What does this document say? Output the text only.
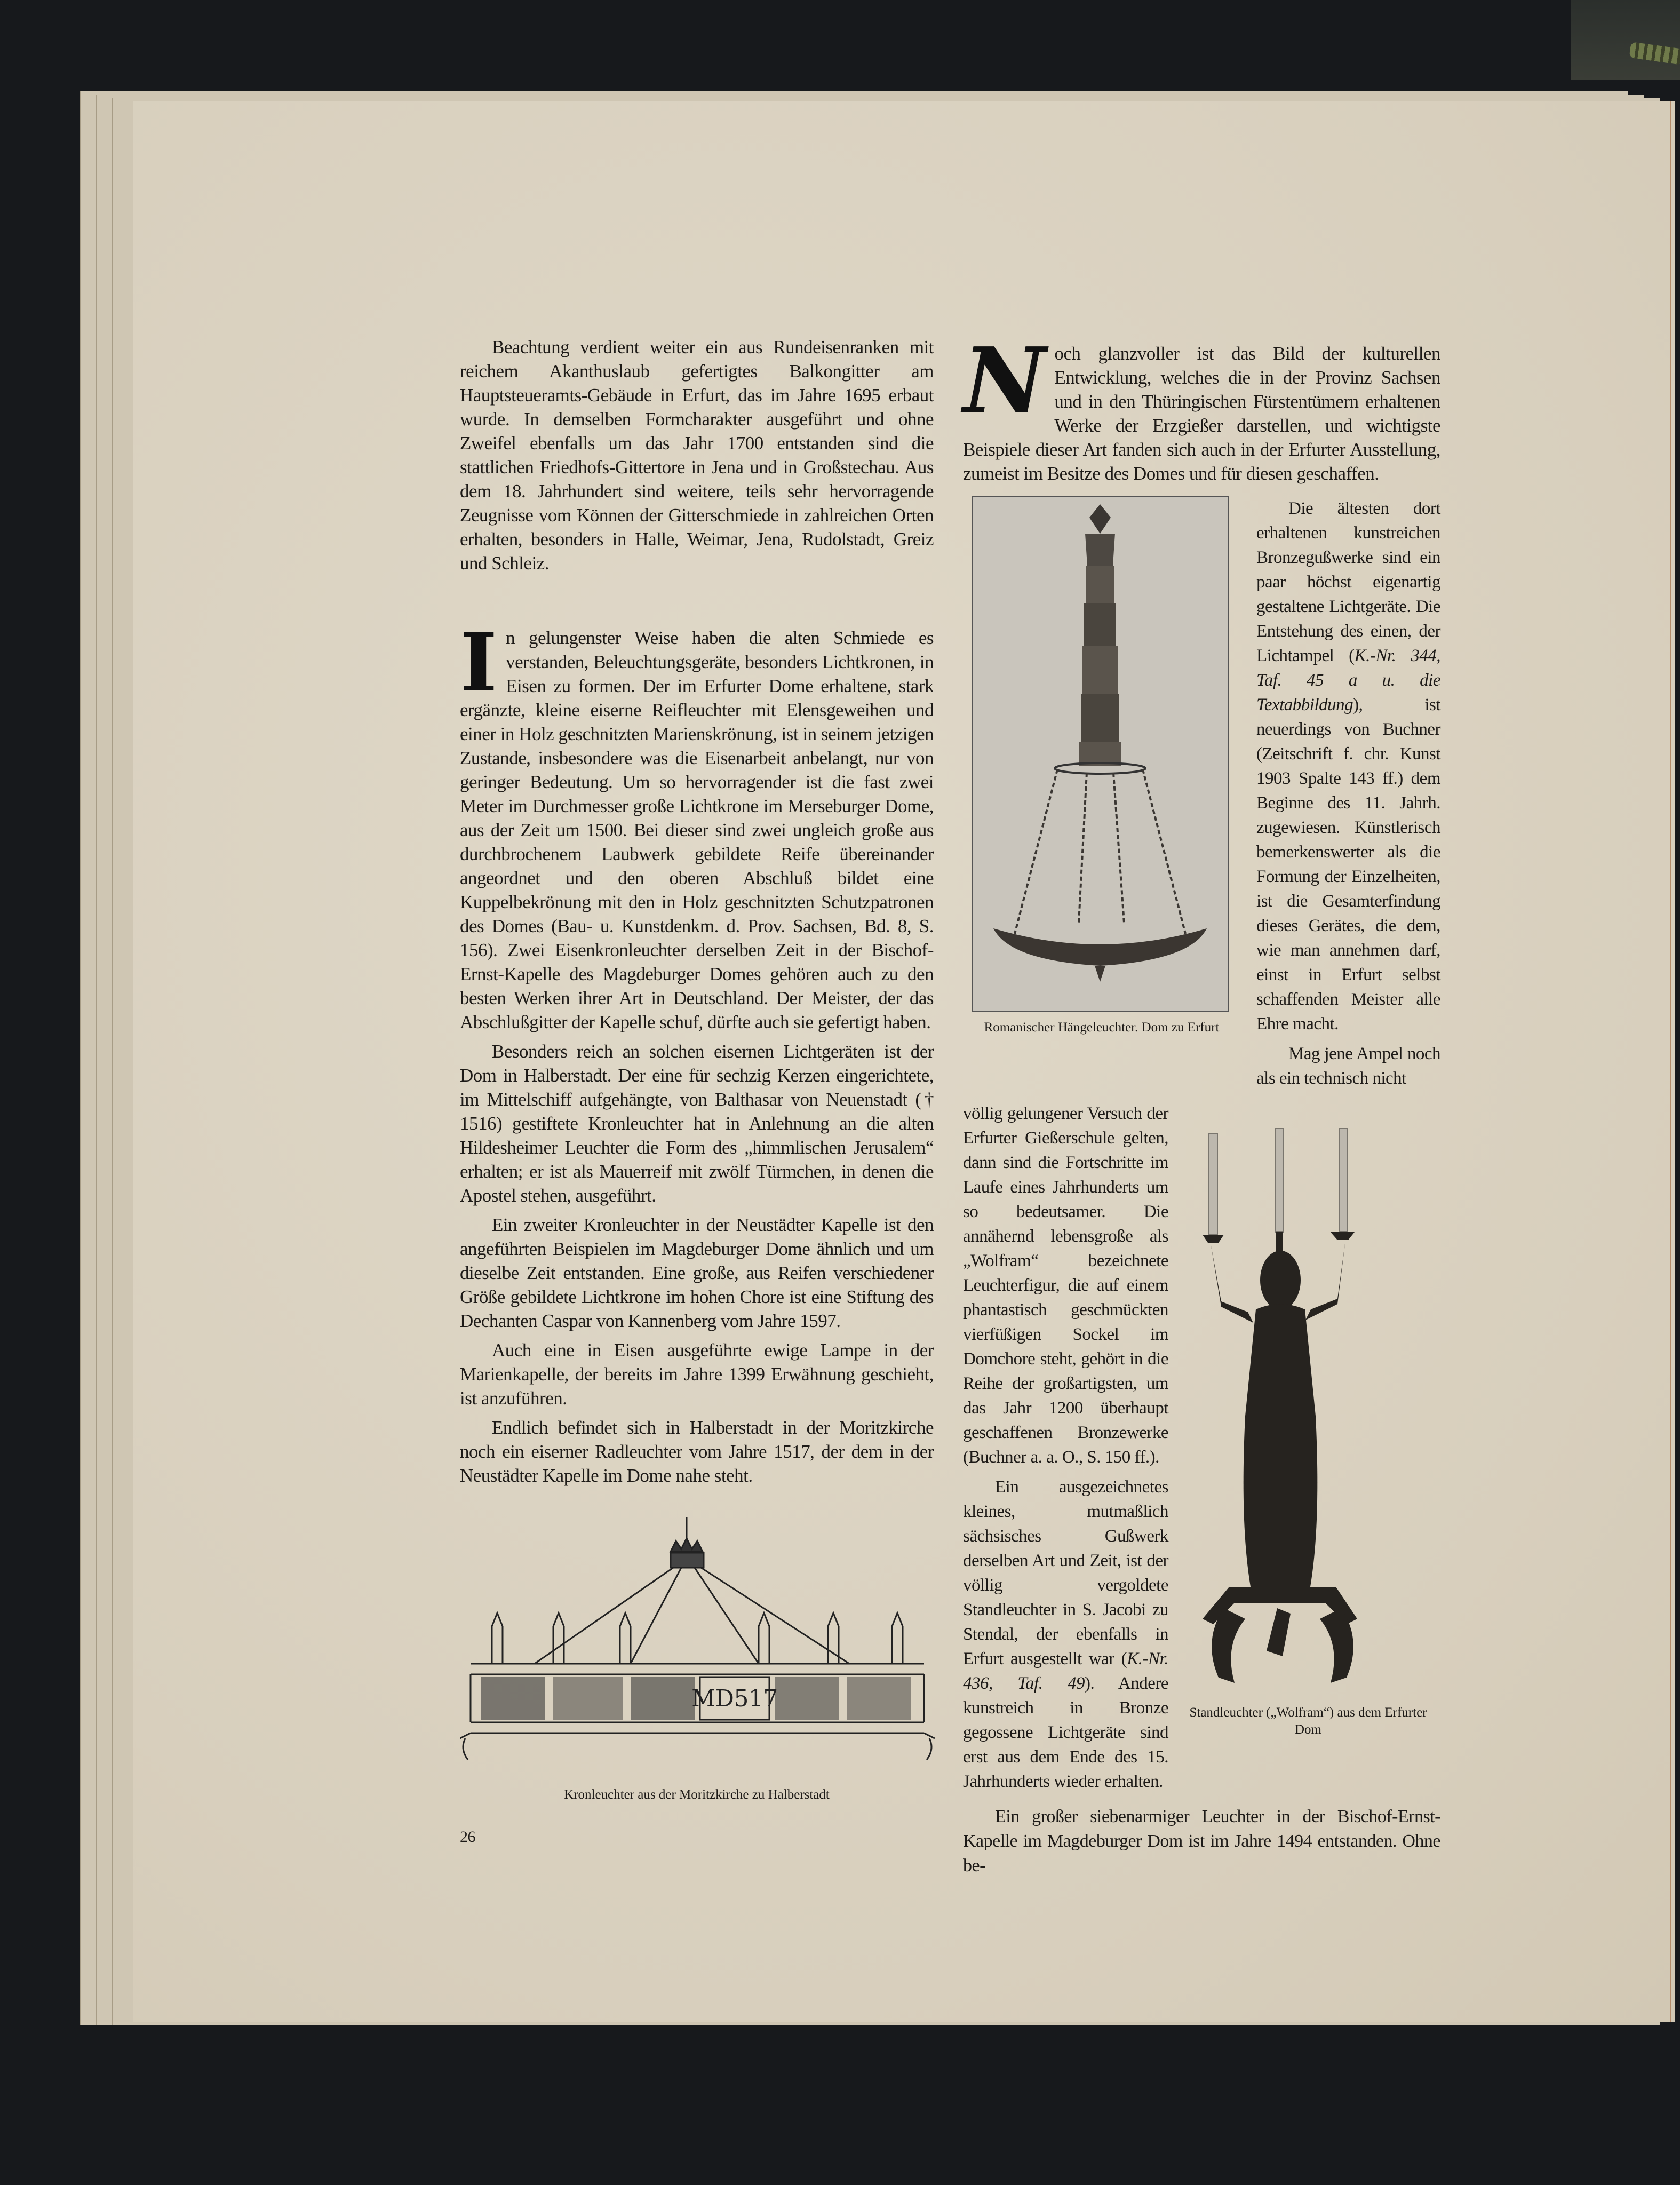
Beachtung verdient weiter ein aus Rundeisenranken mit reichem Akanthuslaub gefertigtes Balkongitter am Hauptsteueramts-Gebäude in Erfurt, das im Jahre 1695 erbaut wurde. In demselben Formcharakter ausgeführt und ohne Zweifel ebenfalls um das Jahr 1700 entstanden sind die stattlichen Friedhofs-Gittertore in Jena und in Großstechau. Aus dem 18. Jahrhundert sind weitere, teils sehr hervorragende Zeugnisse vom Können der Gitterschmiede in zahlreichen Orten erhalten, besonders in Halle, Weimar, Jena, Rudolstadt, Greiz und Schleiz.

In gelungenster Weise haben die alten Schmiede es verstanden, Beleuchtungsgeräte, besonders Lichtkronen, in Eisen zu formen. Der im Erfurter Dome erhaltene, stark ergänzte, kleine eiserne Reifleuchter mit Elensgeweihen und einer in Holz geschnitzten Marienskrönung, ist in seinem jetzigen Zustande, insbesondere was die Eisenarbeit anbelangt, nur von geringer Bedeutung. Um so hervorragender ist die fast zwei Meter im Durchmesser große Lichtkrone im Merseburger Dome, aus der Zeit um 1500. Bei dieser sind zwei ungleich große aus durchbrochenem Laubwerk gebildete Reife übereinander angeordnet und den oberen Abschluß bildet eine Kuppelbekrönung mit den in Holz geschnitzten Schutzpatronen des Domes (Bau- u. Kunstdenkm. d. Prov. Sachsen, Bd. 8, S. 156). Zwei Eisenkronleuchter derselben Zeit in der Bischof-Ernst-Kapelle des Magdeburger Domes gehören auch zu den besten Werken ihrer Art in Deutschland. Der Meister, der das Abschlußgitter der Kapelle schuf, dürfte auch sie gefertigt haben.

Besonders reich an solchen eisernen Lichtgeräten ist der Dom in Halberstadt. Der eine für sechzig Kerzen eingerichtete, im Mittelschiff aufgehängte, von Balthasar von Neuenstadt († 1516) gestiftete Kronleuchter hat in Anlehnung an die alten Hildesheimer Leuchter die Form des „himmlischen Jerusalem“ erhalten; er ist als Mauerreif mit zwölf Türmchen, in denen die Apostel stehen, ausgeführt.

Ein zweiter Kronleuchter in der Neustädter Kapelle ist den angeführten Beispielen im Magdeburger Dome ähnlich und um dieselbe Zeit entstanden. Eine große, aus Reifen verschiedener Größe gebildete Lichtkrone im hohen Chore ist eine Stiftung des Dechanten Caspar von Kannenberg vom Jahre 1597.

Auch eine in Eisen ausgeführte ewige Lampe in der Marienkapelle, der bereits im Jahre 1399 Erwähnung geschieht, ist anzuführen.

Endlich befindet sich in Halberstadt in der Moritzkirche noch ein eiserner Radleuchter vom Jahre 1517, der dem in der Neustädter Kapelle im Dome nahe steht.

MD517
Kronleuchter aus der Moritzkirche zu Halberstadt
26

Noch glanzvoller ist das Bild der kulturellen Entwicklung, welches die in der Provinz Sachsen und in den Thüringischen Fürstentümern erhaltenen Werke der Erzgießer darstellen, und wichtigste Beispiele dieser Art fanden sich auch in der Erfurter Ausstellung, zumeist im Besitze des Domes und für diesen geschaffen.

Romanischer Hängeleuchter. Dom zu Erfurt

Die ältesten dort erhaltenen kunstreichen Bronzegußwerke sind ein paar höchst eigenartig gestaltene Lichtgeräte. Die Entstehung des einen, der Lichtampel (K.-Nr. 344, Taf. 45 a u. die Textabbildung), ist neuerdings von Buchner (Zeitschrift f. chr. Kunst 1903 Spalte 143 ff.) dem Beginne des 11. Jahrh. zugewiesen. Künstlerisch bemerkenswerter als die Formung der Einzelheiten, ist die Gesamterfindung dieses Gerätes, die dem, wie man annehmen darf, einst in Erfurt selbst schaffenden Meister alle Ehre macht.

Mag jene Ampel noch als ein technisch nicht

völlig gelungener Versuch der Erfurter Gießerschule gelten, dann sind die Fortschritte im Laufe eines Jahrhunderts um so bedeutsamer. Die annähernd lebensgroße als „Wolfram“ bezeichnete Leuchterfigur, die auf einem phantastisch geschmückten vierfüßigen Sockel im Domchore steht, gehört in die Reihe der großartigsten, um das Jahr 1200 überhaupt geschaffenen Bronzewerke (Buchner a. a. O., S. 150 ff.).

Ein ausgezeichnetes kleines, mutmaßlich sächsisches Gußwerk derselben Art und Zeit, ist der völlig vergoldete Standleuchter in S. Jacobi zu Stendal, der ebenfalls in Erfurt ausgestellt war (K.-Nr. 436, Taf. 49). Andere kunstreich in Bronze gegossene Lichtgeräte sind erst aus dem Ende des 15. Jahrhunderts wieder erhalten.

Standleuchter („Wolfram“) aus dem Erfurter Dom

Ein großer siebenarmiger Leuchter in der Bischof-Ernst-Kapelle im Magdeburger Dom ist im Jahre 1494 entstanden. Ohne be-
